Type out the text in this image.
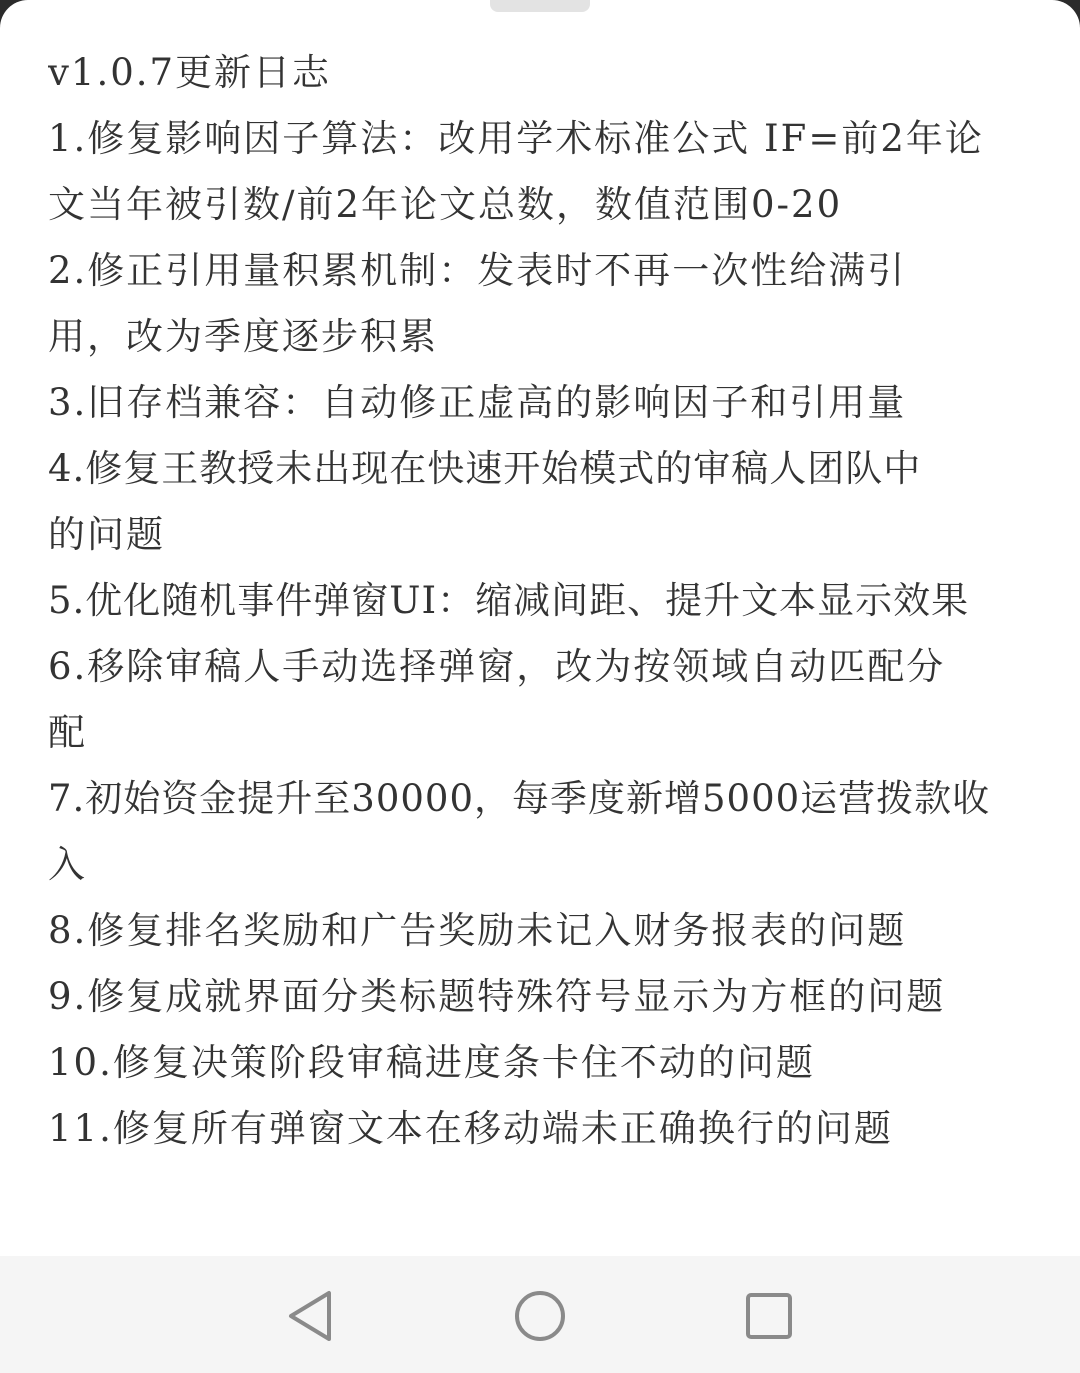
v1.0.7更新日志
1.修复影响因子算法：改用学术标准公式 IF=前2年论
文当年被引数/前2年论文总数，数值范围0-20
2.修正引用量积累机制：发表时不再一次性给满引
用，改为季度逐步积累
3.旧存档兼容：自动修正虚高的影响因子和引用量
4.修复王教授未出现在快速开始模式的审稿人团队中
的问题
5.优化随机事件弹窗UI：缩减间距、提升文本显示效果
6.移除审稿人手动选择弹窗，改为按领域自动匹配分
配
7.初始资金提升至30000，每季度新增5000运营拨款收
入
8.修复排名奖励和广告奖励未记入财务报表的问题
9.修复成就界面分类标题特殊符号显示为方框的问题
10.修复决策阶段审稿进度条卡住不动的问题
11.修复所有弹窗文本在移动端未正确换行的问题
